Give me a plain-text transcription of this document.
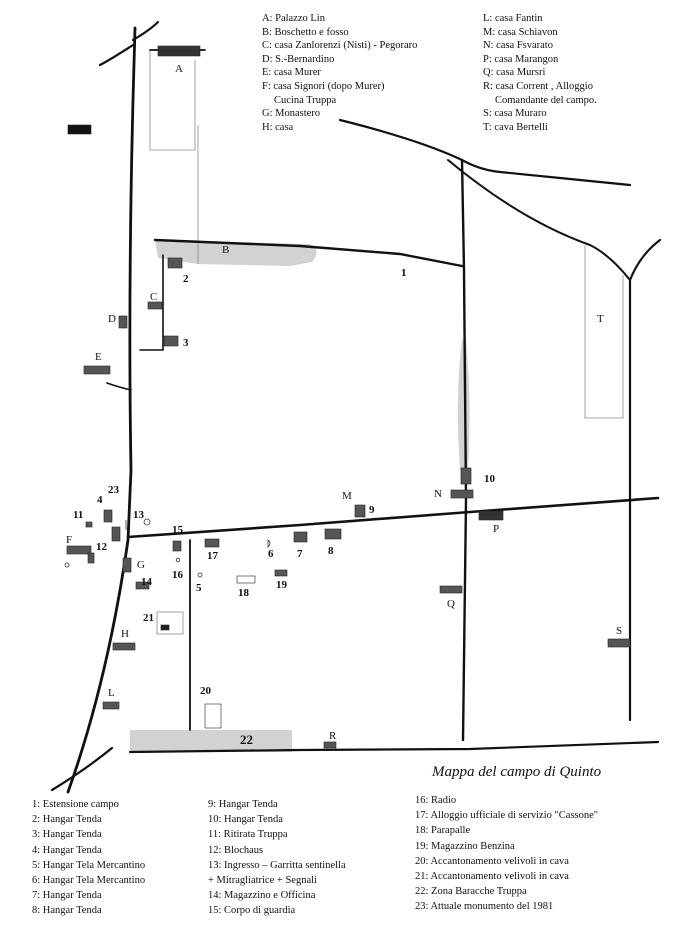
A
B
C
D
E
F
G
H
L
M	N
P
Q
R
S
T
1
2
3
4
5
6 7 8
9
10
11
12
13
14
15
16
17
18
19
20
21
22
23
A: Palazzo Lin
B: Boschetto e fosso
C: casa Zanlorenzi (Nisti) - Pegoraro
D: S.-Bernardino
E: casa Murer
F: casa Signori (dopo Murer)
Cucina Truppa
G: Monastero
H: casa
L: casa Fantin
M: casa Schiavon
N: casa Fsvarato
P: casa Marangon
Q: casa Mursri
R: casa Corrent , Alloggio
Comandante del campo.
S: casa Muraro
T: cava Bertelli
Mappa del campo di Quinto
1: Estensione campo
2: Hangar Tenda
3: Hangar Tenda
4: Hangar Tenda
5: Hangar Tela Mercantino
6: Hangar Tela Mercantino
7: Hangar Tenda
8: Hangar Tenda
9: Hangar Tenda
10: Hangar Tenda
11: Ritirata Truppa
12: Blochaus
13: Ingresso – Garritta sentinella
+ Mitragliatrice + Segnali
14: Magazzino e Officina
15: Corpo di guardia
16: Radio
17: Alloggio ufficiale di servizio "Cassone"
18: Parapalle
19: Magazzino Benzina
20: Accantonamento velivoli in cava
21: Accantonamento velivoli in cava
22: Zona Baracche Truppa
23: Attuale monumento del 1981
